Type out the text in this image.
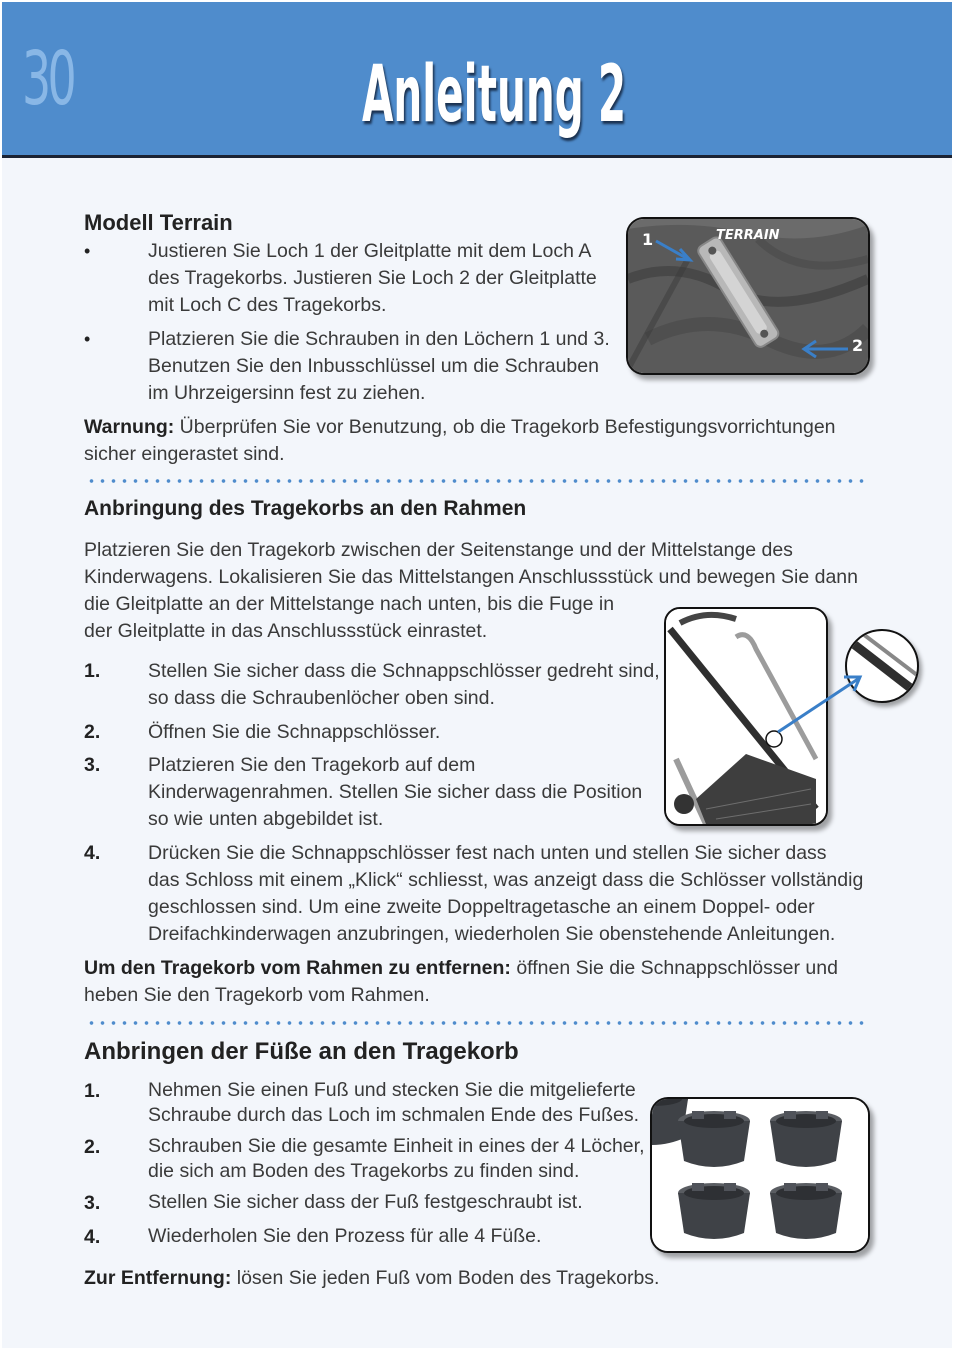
30	Anleitung 2
Modell Terrain
•	Justieren Sie Loch 1 der Gleitplatte mit dem Loch A
des Tragekorbs. Justieren Sie Loch 2 der Gleitplatte
mit Loch C des Tragekorbs.
•	Platzieren Sie die Schrauben in den Löchern 1 und 3.
Benutzen Sie den Inbusschlüssel um die Schrauben
im Uhrzeigersinn fest zu ziehen.
Warnung: Überprüfen Sie vor Benutzung, ob die Tragekorb Befestigungsvorrichtungen
sicher eingerastet sind.
TERRAIN
1
2
Anbringung des Tragekorbs an den Rahmen
Platzieren Sie den Tragekorb zwischen der Seitenstange und der Mittelstange des
Kinderwagens. Lokalisieren Sie das Mittelstangen Anschlussstück und bewegen Sie dann
die Gleitplatte an der Mittelstange nach unten, bis die Fuge in
der Gleitplatte in das Anschlussstück einrastet.
1. Stellen Sie sicher dass die Schnappschlösser gedreht sind,
so dass die Schraubenlöcher oben sind.
2. Öffnen Sie die Schnappschlösser.
3. Platzieren Sie den Tragekorb auf dem
Kinderwagenrahmen. Stellen Sie sicher dass die Position
so wie unten abgebildet ist.
4. Drücken Sie die Schnappschlösser fest nach unten und stellen Sie sicher dass
das Schloss mit einem „Klick“ schliesst, was anzeigt dass die Schlösser vollständig
geschlossen sind. Um eine zweite Doppeltragetasche an einem Doppel- oder
Dreifachkinderwagen anzubringen, wiederholen Sie obenstehende Anleitungen.
Um den Tragekorb vom Rahmen zu entfernen: öffnen Sie die Schnappschlösser und
heben Sie den Tragekorb vom Rahmen.
Anbringen der Füße an den Tragekorb
1. Nehmen Sie einen Fuß und stecken Sie die mitgelieferte
Schraube durch das Loch im schmalen Ende des Fußes.
2. Schrauben Sie die gesamte Einheit in eines der 4 Löcher,
die sich am Boden des Tragekorbs zu finden sind.
3. Stellen Sie sicher dass der Fuß festgeschraubt ist.
4. Wiederholen Sie den Prozess für alle 4 Füße.
Zur Entfernung: lösen Sie jeden Fuß vom Boden des Tragekorbs.
